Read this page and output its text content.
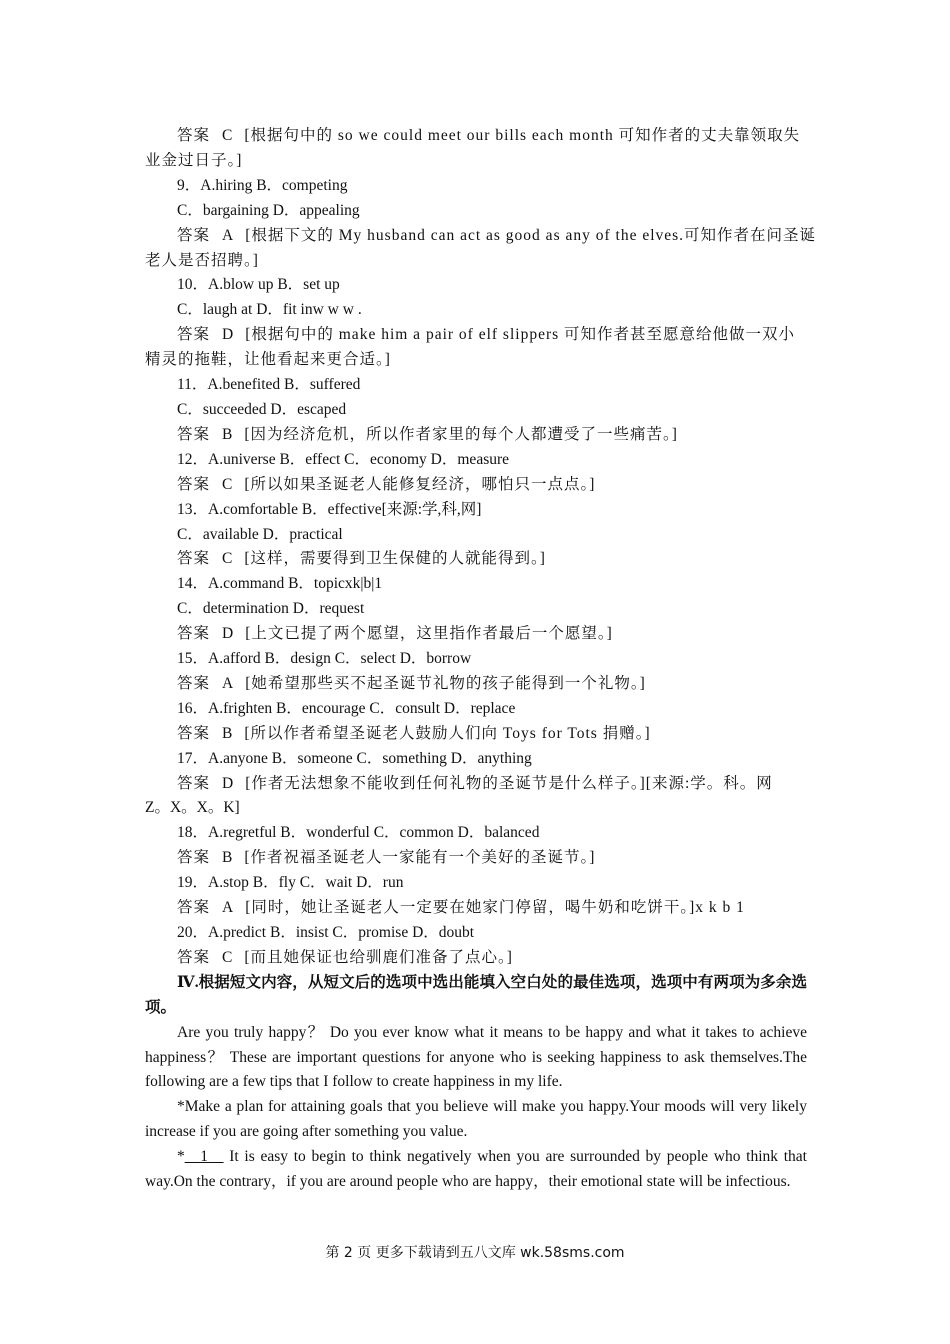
答案 C [根据句中的 so we could meet our bills each month 可知作者的丈夫靠领取失
业金过日子。]
9．A.hiring B．competing
C．bargaining D．appealing
答案 A [根据下文的 My husband can act as good as any of the elves.可知作者在问圣诞
老人是否招聘。]
10．A.blow up B．set up
C．laugh at D．fit inw w w .
答案 D [根据句中的 make him a pair of elf slippers 可知作者甚至愿意给他做一双小
精灵的拖鞋，让他看起来更合适。]
11．A.benefited B．suffered
C．succeeded D．escaped
答案 B [因为经济危机，所以作者家里的每个人都遭受了一些痛苦。]
12．A.universe B．effect C．economy D．measure
答案 C [所以如果圣诞老人能修复经济，哪怕只一点点。]
13．A.comfortable B．effective[来源:学,科,网]
C．available D．practical
答案 C [这样，需要得到卫生保健的人就能得到。]
14．A.command B．topicxk|b|1
C．determination D．request
答案 D [上文已提了两个愿望，这里指作者最后一个愿望。]
15．A.afford B．design C．select D．borrow
答案 A [她希望那些买不起圣诞节礼物的孩子能得到一个礼物。]
16．A.frighten B．encourage C．consult D．replace
答案 B [所以作者希望圣诞老人鼓励人们向 Toys for Tots 捐赠。]
17．A.anyone B．someone C．something D．anything
答案 D [作者无法想象不能收到任何礼物的圣诞节是什么样子。][来源:学。科。网
Z。X。X。K]
18．A.regretful B．wonderful C．common D．balanced
答案 B [作者祝福圣诞老人一家能有一个美好的圣诞节。]
19．A.stop B．fly C．wait D．run
答案 A [同时，她让圣诞老人一定要在她家门停留，喝牛奶和吃饼干。]x k b 1
20．A.predict B．insist C．promise D．doubt
答案 C [而且她保证也给驯鹿们准备了点心。]
Ⅳ.根据短文内容，从短文后的选项中选出能填入空白处的最佳选项，选项中有两项为多余选项。
Are you truly happy？ Do you ever know what it means to be happy and what it takes to achieve happiness？ These are important questions for anyone who is seeking happiness to ask themselves.The following are a few tips that I follow to create happiness in my life.
*Make a plan for attaining goals that you believe will make you happy.Your moods will very likely increase if you are going after something you value.
*__1__ It is easy to begin to think negatively when you are surrounded by people who think that way.On the contrary，if you are around people who are happy，their emotional state will be infectious.
第 2 页 更多下载请到五八文库 wk.58sms.com
